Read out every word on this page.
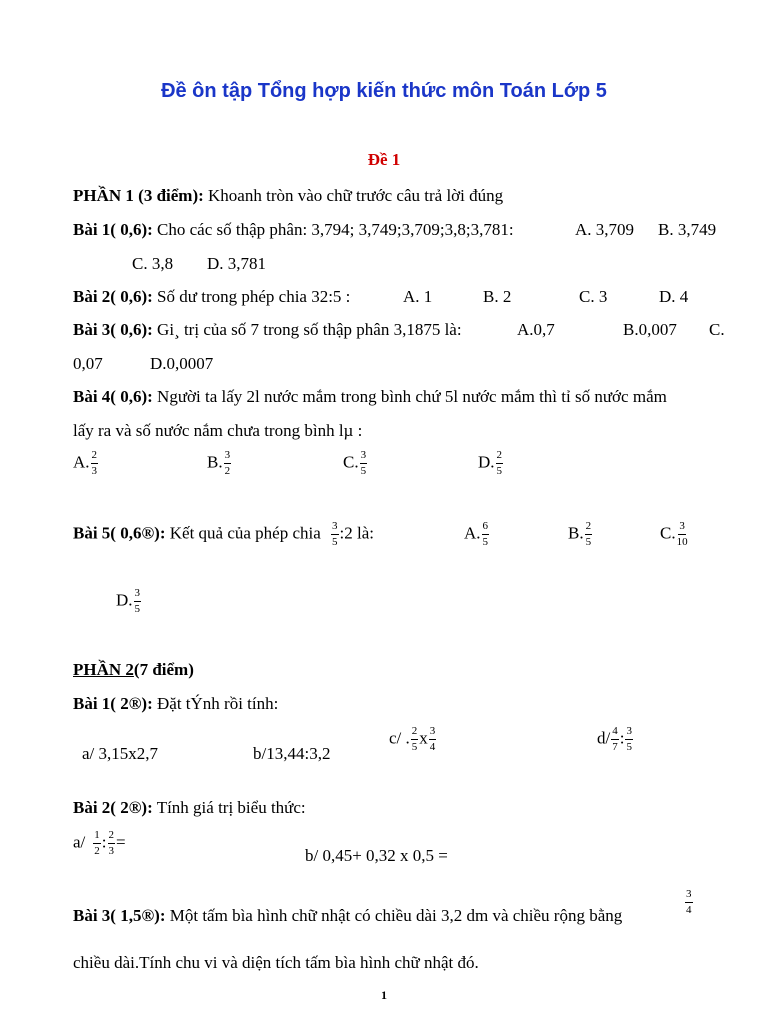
Đề ôn tập Tổng hợp kiến thức môn Toán Lớp 5
Đề 1
PHẦN 1 (3 điểm): Khoanh tròn vào chữ trước câu trả lời đúng
Bài 1( 0,6): Cho các số thập phân: 3,794; 3,749;3,709;3,8;3,781:	A. 3,709 B. 3,749
C. 3,8 D. 3,781
Bài 2( 0,6): Số dư trong phép chia 32:5 :	A. 1	B. 2	C. 3	D. 4
Bài 3( 0,6): Gi¸ trị của số 7 trong số thập phân 3,1875 là:	A.0,7	B.0,007 C.
0,07	D.0,0007
Bài 4( 0,6): Người ta lấy 2l nước mắm trong bình chứ 5l nước mắm thì tỉ số nước mắm
lấy ra và số nước nắm chưa trong bình lµ :
A. $\frac{2}{3}$	B. $\frac{3}{2}$	C. $\frac{3}{5}$	D. $\frac{2}{5}$
Bài 5( 0,6®): Kết quả của phép chia $\frac{3}{5}$ :2 là:	A. $\frac{6}{5}$	B. $\frac{2}{5}$	C. $\frac{3}{10}$
D. $\frac{3}{5}$
PHẦN 2(7 điểm)
Bài 1( 2®): Đặt tÝnh rồi tính:
a/ 3,15x2,7	b/13,44:3,2
c/ . $\frac{2}{5}$ x $\frac{3}{4}$	$d/ \frac{4}{7}$ : $\frac{3}{5}$
Bài 2( 2®): Tính giá trị biểu thức:
$a/ \frac{1}{2}$ : $\frac{2}{3}$ =
b/ 0,45+ 0,32 x 0,5 =
Bài 3( 1,5®): Một tấm bìa hình chữ nhật có chiều dài 3,2 dm và chiều rộng bằng	$\frac{3}{4}$
chiều dài.Tính chu vi và diện tích tấm bìa hình chữ nhật đó.
1
